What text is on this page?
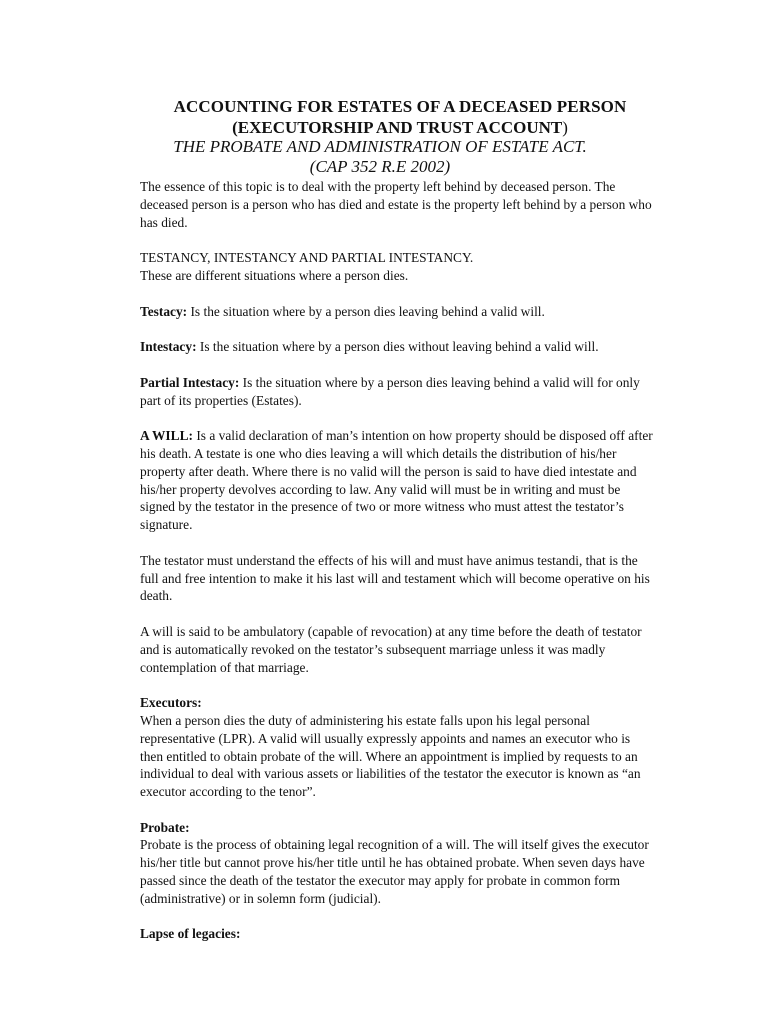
ACCOUNTING FOR ESTATES OF A DECEASED PERSON
(EXECUTORSHIP AND TRUST ACCOUNT)
THE PROBATE AND ADMINISTRATION OF ESTATE ACT.
(CAP 352 R.E 2002)

The essence of this topic is to deal with the property left behind by deceased person. The deceased person is a person who has died and estate is the property left behind by a person who has died.

TESTANCY, INTESTANCY AND PARTIAL INTESTANCY.

These are different situations where a person dies.

Testacy: Is the situation where by a person dies leaving behind a valid will.

Intestacy: Is the situation where by a person dies without leaving behind a valid will.

Partial Intestacy: Is the situation where by a person dies leaving behind a valid will for only part of its properties (Estates).

A WILL: Is a valid declaration of man’s intention on how property should be disposed off after his death. A testate is one who dies leaving a will which details the distribution of his/her property after death. Where there is no valid will the person is said to have died intestate and his/her property devolves according to law. Any valid will must be in writing and must be signed by the testator in the presence of two or more witness who must attest the testator’s signature.

The testator must understand the effects of his will and must have animus testandi, that is the full and free intention to make it his last will and testament which will become operative on his death.

A will is said to be ambulatory (capable of revocation) at any time before the death of testator and is automatically revoked on the testator’s subsequent marriage unless it was madly contemplation of that marriage.

Executors:

When a person dies the duty of administering his estate falls upon his legal personal representative (LPR). A valid will usually expressly appoints and names an executor who is then entitled to obtain probate of the will. Where an appointment is implied by requests to an individual to deal with various assets or liabilities of the testator the executor is known as “an executor according to the tenor”.

Probate:

Probate is the process of obtaining legal recognition of a will. The will itself gives the executor his/her title but cannot prove his/her title until he has obtained probate. When seven days have passed since the death of the testator the executor may apply for probate in common form (administrative) or in solemn form (judicial).

Lapse of legacies:
